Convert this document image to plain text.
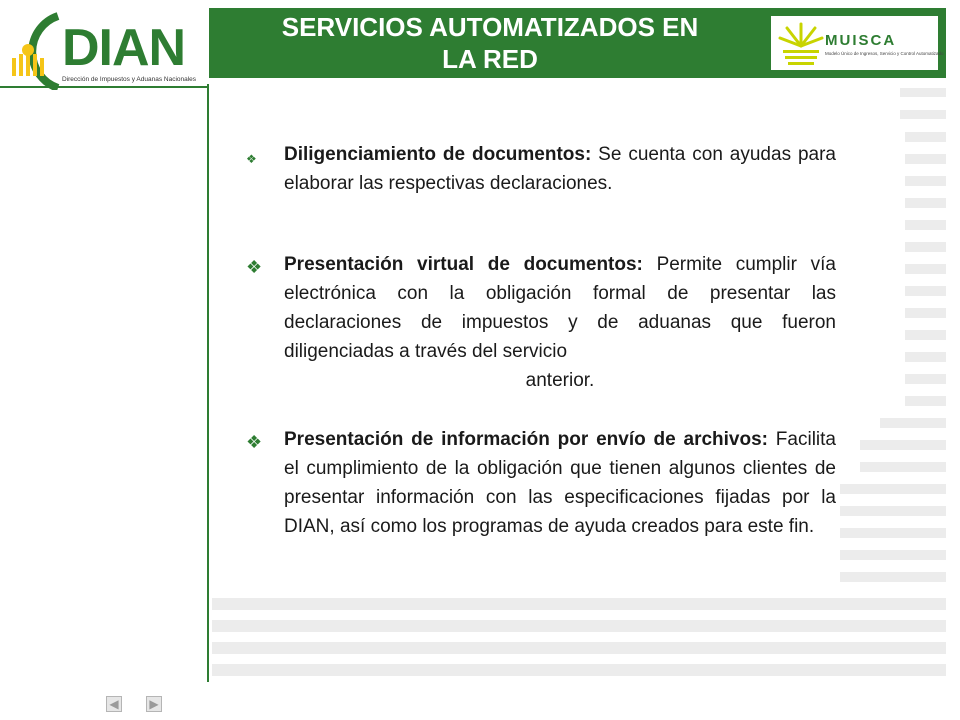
DIAN
Dirección de Impuestos y Aduanas Nacionales
SERVICIOS AUTOMATIZADOS EN
LA RED
MUISCA
Modelo Único de Ingresos, Servicio y Control Automatizado

❖ Diligenciamiento de documentos: Se cuenta con ayudas para elaborar las respectivas declaraciones.

❖ Presentación virtual de documentos: Permite cumplir vía electrónica con la obligación formal de presentar las declaraciones de impuestos y de aduanas que fueron diligenciadas a través del servicio
anterior.

❖ Presentación de información por envío de archivos: Facilita el cumplimiento de la obligación que tienen algunos clientes de presentar información con las especificaciones fijadas por la DIAN, así como los programas de ayuda creados para este fin.

◀	▶
